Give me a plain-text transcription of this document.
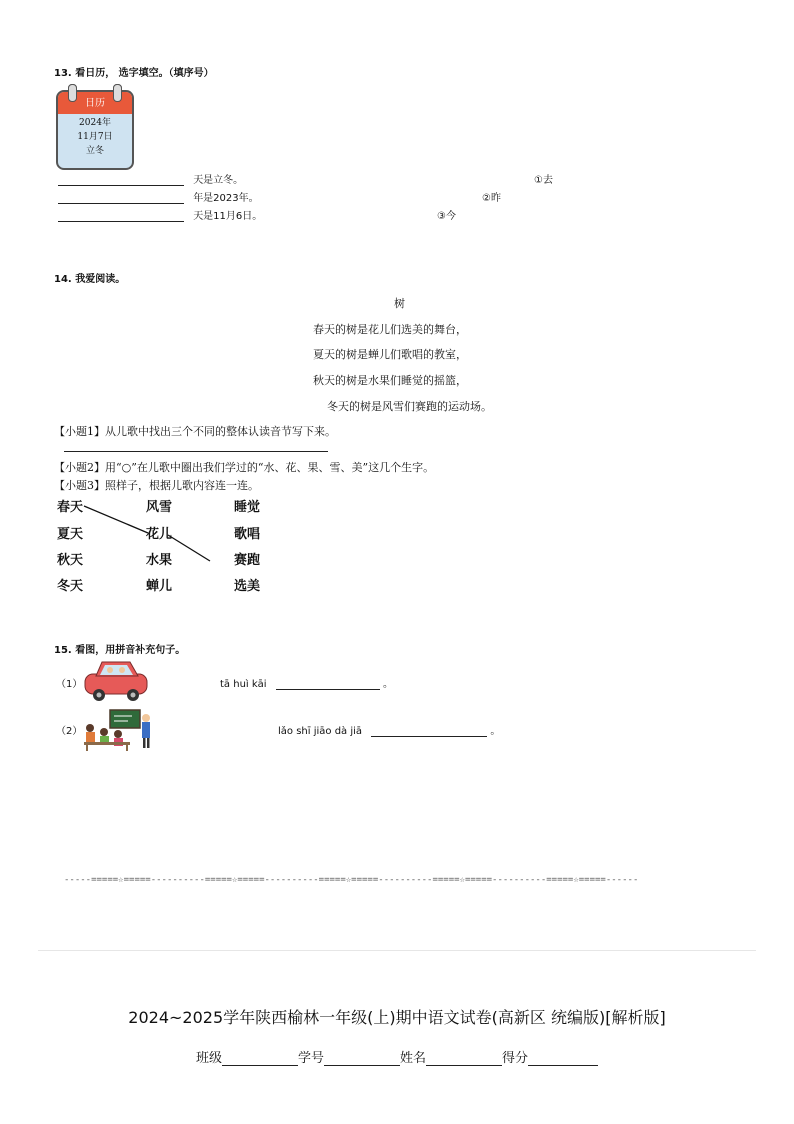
13. 看日历， 选字填空。（填序号）
日历
2024年
11月7日
立冬
天是立冬。	①去
年是2023年。	②昨
天是11月6日。	③今
14. 我爱阅读。
树
春天的树是花儿们选美的舞台，
夏天的树是蝉儿们歌唱的教室，
秋天的树是水果们睡觉的摇篮，
冬天的树是风雪们赛跑的运动场。
【小题1】从儿歌中找出三个不同的整体认读音节写下来。
【小题2】用“○”在儿歌中圈出我们学过的“水、花、果、雪、美”这几个生字。
【小题3】照样子，根据儿歌内容连一连。
春天
夏天
秋天
冬天
风雪
花儿
水果
蝉儿
睡觉
歌唱
赛跑
选美
15. 看图，用拼音补充句子。
（1）	tā huì kāi	。
（2）	lǎo shī jiāo dà jiā	。
-----=====☆=====----------=====☆=====----------=====☆=====----------=====☆=====----------=====☆=====------
2024~2025学年陕西榆林一年级(上)期中语文试卷(高新区 统编版)[解析版]
班级	学号	姓名	得分
